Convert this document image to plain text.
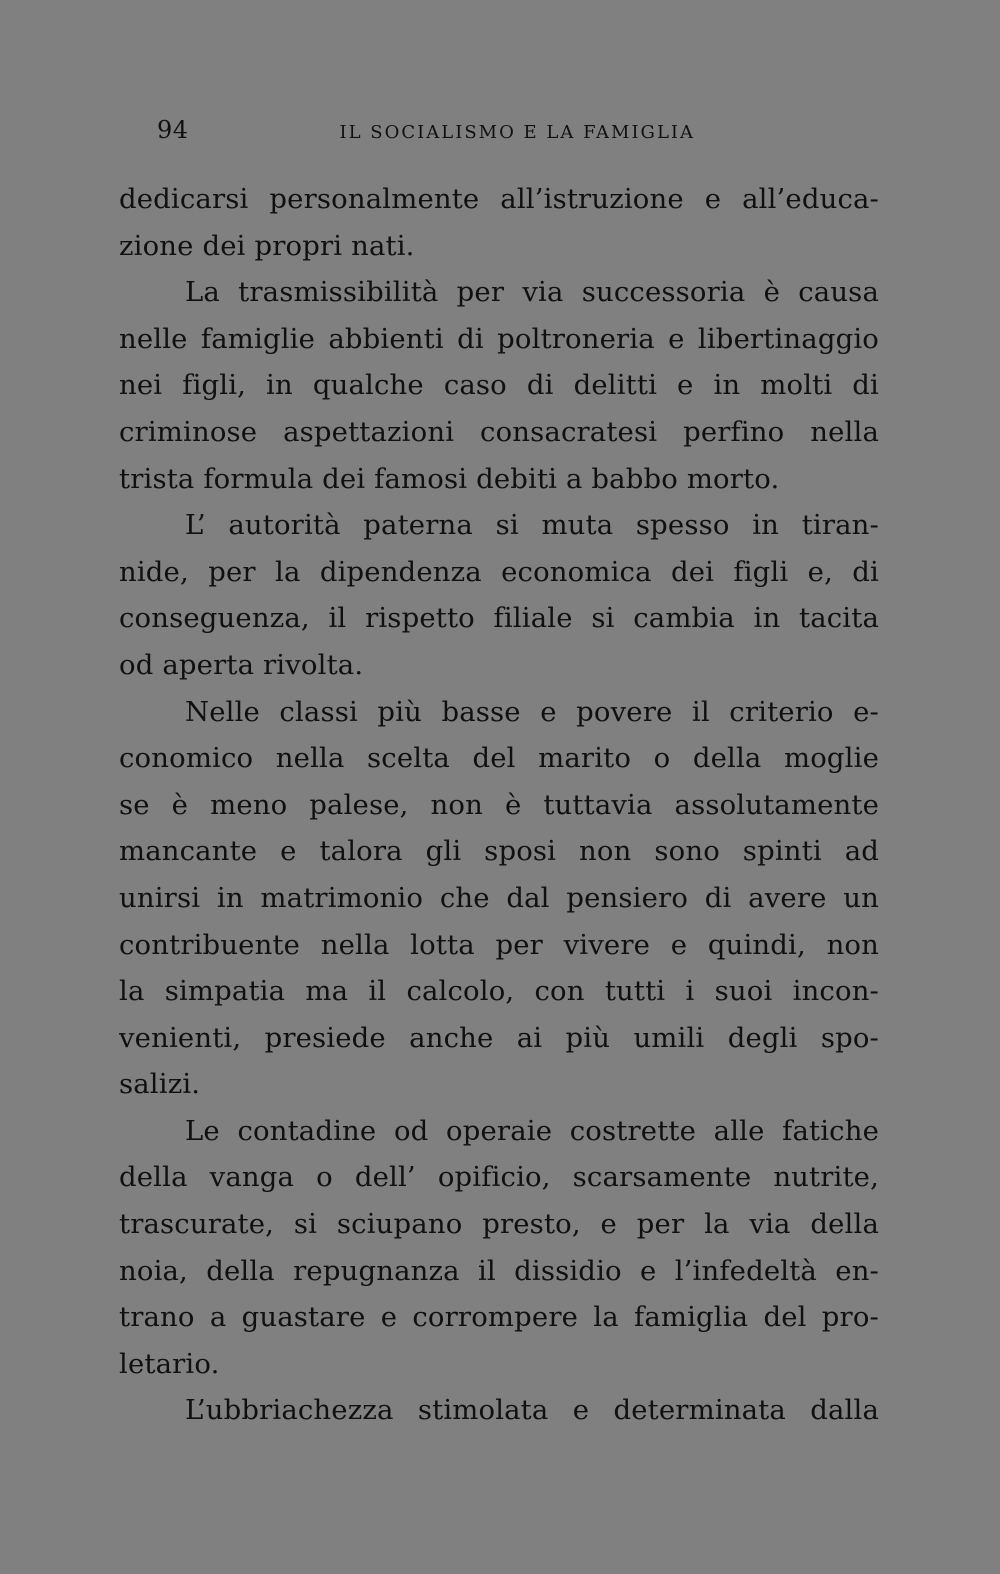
94	IL SOCIALISMO E LA FAMIGLIA
dedicarsi personalmente all’istruzione e all’educa-
zione dei propri nati.
La trasmissibilità per via successoria è causa
nelle famiglie abbienti di poltroneria e libertinaggio
nei figli, in qualche caso di delitti e in molti di
criminose aspettazioni consacratesi perfino nella
trista formula dei famosi debiti a babbo morto.
L’ autorità paterna si muta spesso in tiran-
nide, per la dipendenza economica dei figli e, di
conseguenza, il rispetto filiale si cambia in tacita
od aperta rivolta.
Nelle classi più basse e povere il criterio e-
conomico nella scelta del marito o della moglie
se è meno palese, non è tuttavia assolutamente
mancante e talora gli sposi non sono spinti ad
unirsi in matrimonio che dal pensiero di avere un
contribuente nella lotta per vivere e quindi, non
la simpatia ma il calcolo, con tutti i suoi incon-
venienti, presiede anche ai più umili degli spo-
salizi.
Le contadine od operaie costrette alle fatiche
della vanga o dell’ opificio, scarsamente nutrite,
trascurate, si sciupano presto, e per la via della
noia, della repugnanza il dissidio e l’infedeltà en-
trano a guastare e corrompere la famiglia del pro-
letario.
L’ubbriachezza stimolata e determinata dalla
